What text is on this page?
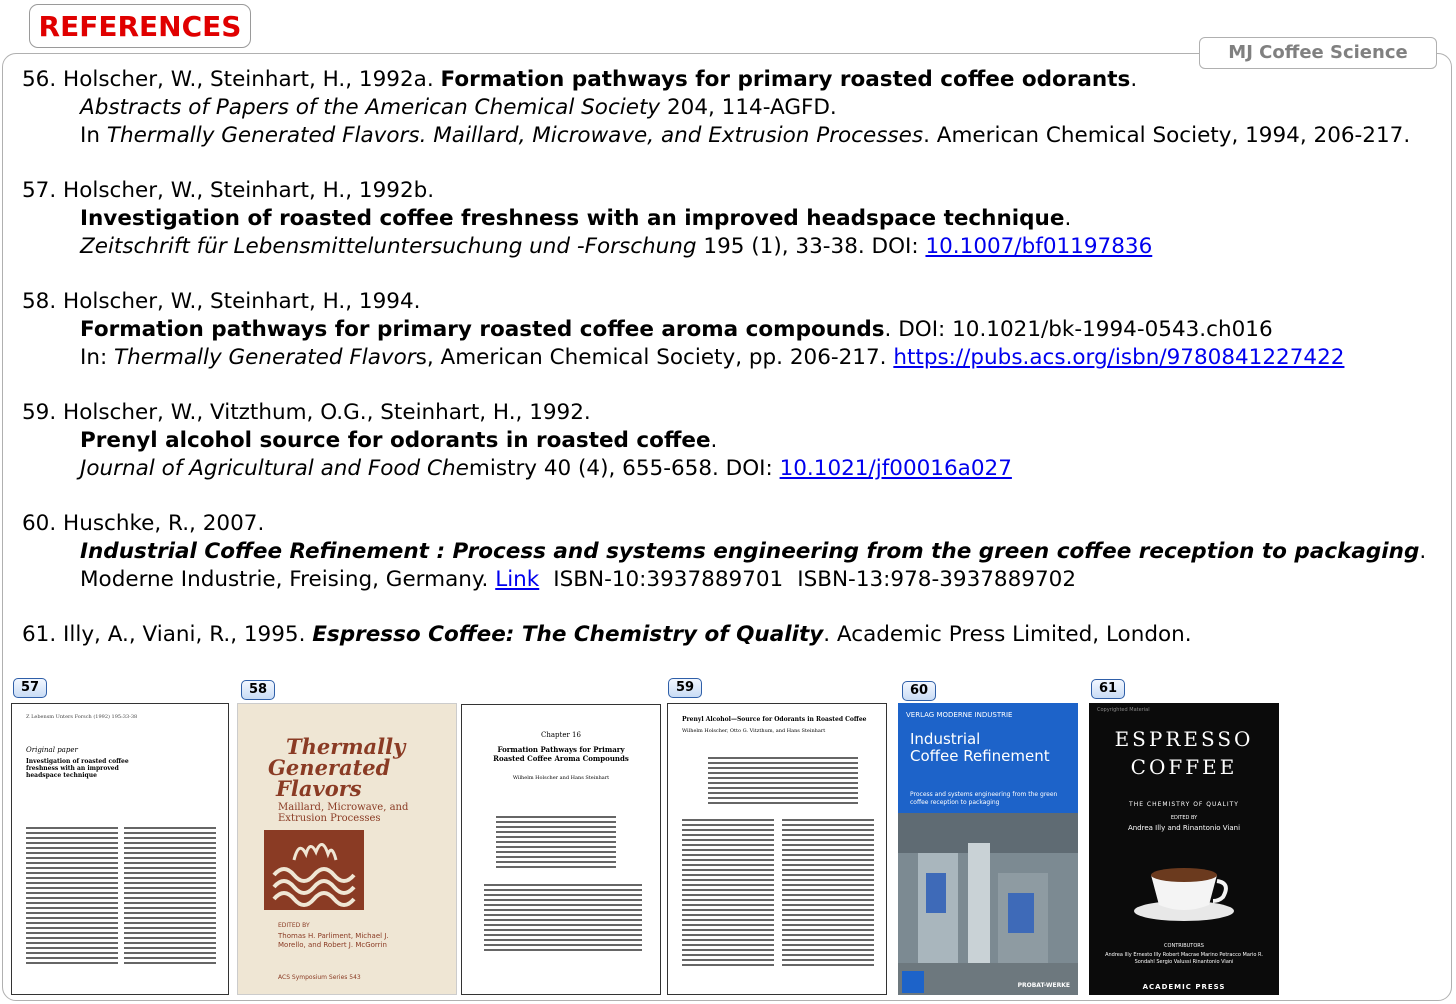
REFERENCES
MJ Coffee Science
56. Holscher, W., Steinhart, H., 1992a. Formation pathways for primary roasted coffee odorants.
Abstracts of Papers of the American Chemical Society 204, 114-AGFD.
In Thermally Generated Flavors. Maillard, Microwave, and Extrusion Processes. American Chemical Society, 1994, 206-217.
57. Holscher, W., Steinhart, H., 1992b.
Investigation of roasted coffee freshness with an improved headspace technique.
Zeitschrift für Lebensmitteluntersuchung und -Forschung 195 (1), 33-38. DOI: 10.1007/bf01197836
58. Holscher, W., Steinhart, H., 1994.
Formation pathways for primary roasted coffee aroma compounds. DOI: 10.1021/bk-1994-0543.ch016
In: Thermally Generated Flavors, American Chemical Society, pp. 206-217. https://pubs.acs.org/isbn/9780841227422
59. Holscher, W., Vitzthum, O.G., Steinhart, H., 1992.
Prenyl alcohol source for odorants in roasted coffee.
Journal of Agricultural and Food Chemistry 40 (4), 655-658. DOI: 10.1021/jf00016a027
60. Huschke, R., 2007.
Industrial Coffee Refinement : Process and systems engineering from the green coffee reception to packaging.
Moderne Industrie, Freising, Germany. Link ISBN-10:3937889701 ISBN-13:978-3937889702
61. Illy, A., Viani, R., 1995. Espresso Coffee: The Chemistry of Quality. Academic Press Limited, London.
57	58	59	60	61
Z Lebensm Unters Forsch (1992) 195:33-38
Original paper
Investigation of roasted coffee freshness with an improved headspace technique
Thermally
Generated
Flavors
Maillard, Microwave, and Extrusion Processes
EDITED BY
Thomas H. Parliment, Michael J. Morello, and Robert J. McGorrin
ACS Symposium Series 543
Chapter 16
Formation Pathways for Primary Roasted Coffee Aroma Compounds
Wilhelm Holscher and Hans Steinhart
Prenyl Alcohol—Source for Odorants in Roasted Coffee
Wilhelm Holscher, Otto G. Vitzthum, and Hans Steinhart
VERLAG MODERNE INDUSTRIE
Industrial
Coffee Refinement
Process and systems engineering from the green coffee reception to packaging
PROBAT-WERKE
Copyrighted Material
ESPRESSO
COFFEE
THE CHEMISTRY OF QUALITY
EDITED BY
Andrea Illy and Rinantonio Viani
CONTRIBUTORS
Andrea Illy Ernesto Illy Robert Macrae Marino Petracco Mario R. Sondahl Sergio Valussi Rinantonio Viani
ACADEMIC PRESS
